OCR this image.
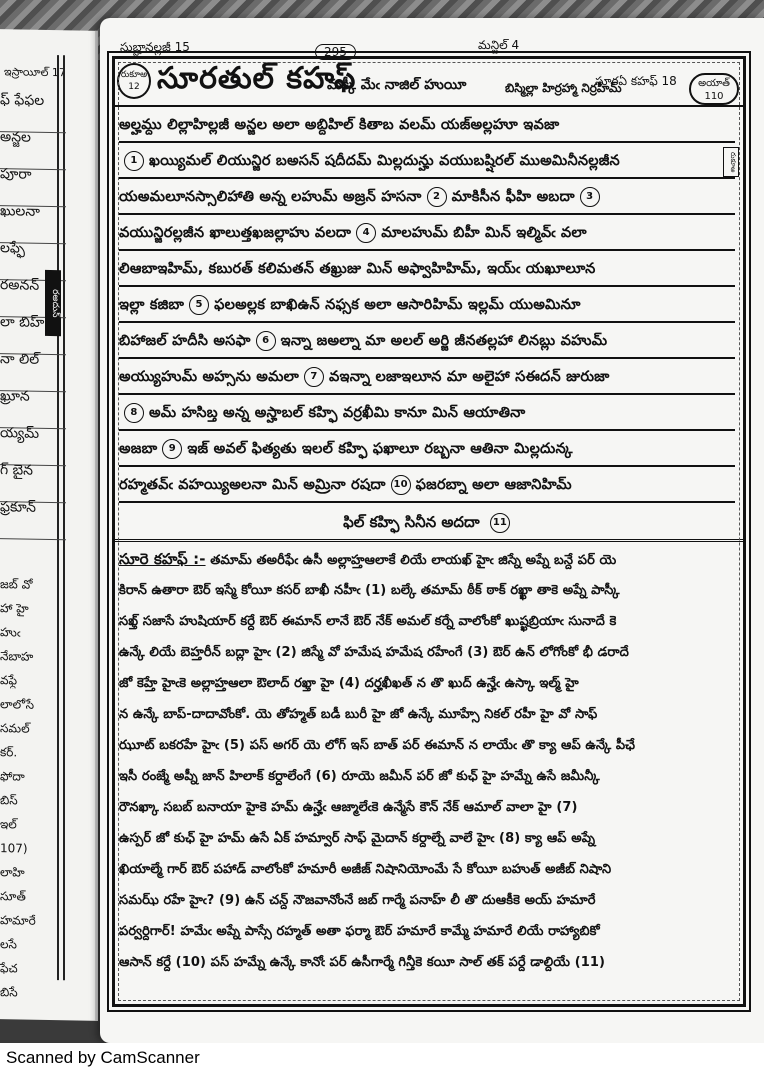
ఇస్రాయీల్ 17
ఫ్ ఫేఫల
అన్జల
పూరా
ఖులనా
లఫ్ఫే
రఅనన్
లా బిహ్
నా లిల్
ఖ్రూన
య్యమ్
గ్ బైన
ఫ్రకూన్
జబ్ వో
హా హై
హుఁ
నేబాహ
వఫ్దే
లాలోసే
సమల్
కర్.
ఫోదా
బిస్
ఇల్
107)
లాహి
సూత్
హమారే
లసే
ఫేచ
బిసే
రఅదున్
సుబ్హానల్లజీ 15	295	మన్జిల్ 4
సూరఏ కహఫ్ 18
రుకూఅ 12 సూరతుల్ కహఫ్
మక్కీ మేఁ నాజిల్ హుయీ	బిస్మిల్లా హిర్రహ్మా నిర్రహీమ్	అయాత్ 110
రుకూఅ
అల్హమ్దు లిల్లాహిల్లజీ అన్జల అలా అబ్దిహిల్ కితాబ వలమ్ యజ్అల్లహూ ఇవజా
1 ఖయ్యిమల్ లియున్జిర బఅసన్ షదీదమ్ మిల్లదున్హు వయుబష్షిరల్ ముఅమినీనల్లజీన
యఅమలూనస్సాలిహాతి అన్న లహుమ్ అజ్రన్ హసనా 2 మాకిసీన ఫీహి అబదా 3
వయున్జిరల్లజీన ఖాలుత్తఖజల్లాహు వలదా 4 మాలహుమ్ బిహీ మిన్ ఇల్మివ్ఁ వలా
లిఆబాఇహిమ్, కబురత్ కలిమతన్ తఖ్రుజు మిన్ అఫ్వాహిహిమ్, ఇయ్ఁ యఖూలూన
ఇల్లా కజిబా 5 ఫలఅల్లక బాఖిఉన్ నఫ్సక అలా ఆసారిహిమ్ ఇల్లమ్ యుఅమినూ
బిహాజల్ హదీసి అసఫా 6 ఇన్నా జఅల్నా మా అలల్ అర్జి జీనతల్లహా లినబ్లు వహుమ్
అయ్యుహుమ్ అహ్సను అమలా 7 వఇన్నా లజాఇలూన మా అలైహా సఈదన్ జురుజా
8 అమ్ హసిబ్త అన్న అస్హాబల్ కహ్ఫి వర్రఖీమి కానూ మిన్ ఆయాతినా
అజబా 9 ఇజ్ అవల్ ఫిత్యతు ఇలల్ కహ్ఫి ఫఖాలూ రబ్బనా ఆతినా మిల్లదున్క
రహ్మతవ్ఁ వహయ్యిఅలనా మిన్ అమ్రినా రషదా 10 ఫజరబ్నా అలా ఆజానిహిమ్
ఫిల్ కహ్ఫి సినీన అదదా 11
సూరె కహఫ్ :- తమామ్ తఅరీఫేఁ ఉసీ అల్లాహ్తఆలాకే లియే లాయఖ్ హైఁ జిస్నే అప్నే బన్దే పర్ యె
కిరాన్ ఉతారా ఔర్ ఇస్మే కోయీ కసర్ బాఖీ నహీఁ (1) బల్కే తమామ్ ఠీక్ ఠాక్ రఖ్ఖా తాకె అప్నే పాస్కీ
సఖ్త్ సజాసే హుషియార్ కర్దే ఔర్ ఈమాన్ లానే ఔర్ నేక్ అమల్ కర్నే వాలోంకో ఖుష్ఖబ్రియాఁ సునాదే కె
ఉన్కే లియే బెహ్తరీన్ బద్లా హైఁ (2) జిస్మే వో హమేష హమేష రహేంగే (3) ఔర్ ఉన్ లోగోంకో భీ డరాదే
జో కెహ్తే హైఁకె అల్లాహ్తఆలా ఔలాద్ రఖ్తా హై (4) దర్హఖీఖత్ న తొ ఖుద్ ఉన్హేఁ ఉస్కా ఇల్మ్ హై
న ఉన్కే బాప్-దాదావోంకో. యె తోహ్మత్ బడీ బురీ హై జో ఉన్కే మూహ్సే నికల్ రహీ హై వో సాఫ్
ఝూట్ బకరహే హైఁ (5) పస్ అగర్ యె లోగ్ ఇస్ బాత్ పర్ ఈమాన్ న లాయేఁ తొ క్యా ఆప్ ఉన్కే పీఛే
ఇసీ రంజ్మే అప్నీ జాన్ హిలాక్ కర్దాలేంగే (6) రూయె జమీన్ పర్ జో కుఛ్ హై హమ్నే ఉసే జమీన్కీ
రౌనఖ్కా సబబ్ బనాయా హైకె హమ్ ఉన్హేఁ ఆజ్మాలేఁకె ఉన్మేసే కౌన్ నేక్ ఆమాల్ వాలా హై (7)
ఉస్పర్ జో కుఛ్ హై హమ్ ఉసే ఏక్ హమ్వార్ సాఫ్ మైదాన్ కర్దాల్నే వాలే హైఁ (8) క్యా ఆప్ అప్నే
ఖియాల్మే గార్ ఔర్ పహాడ్ వాలోంకో హమారీ అజీజ్ నిషానియోంమే సే కోయీ బహుత్ అజీబ్ నిషాని
సమఝ్ రహే హైఁ? (9) ఉన్ చన్ద్ నౌజవానోంనే జబ్ గార్మే పనాహ్ లీ తొ దుఆకీకె అయ్ హమారే
పర్వర్దిగార్! హమేఁ అప్నే పాస్సే రహ్మత్ అతా ఫర్మా ఔర్ హమారే కామ్మే హమారే లియే రాహ్యాబికో
ఆసాన్ కర్దే (10) పస్ హమ్నే ఉన్కే కానోఁ పర్ ఉసీగార్మే గిన్తీకె కయీ సాల్ తక్ పర్దే డాల్దియే (11)
Scanned by CamScanner
